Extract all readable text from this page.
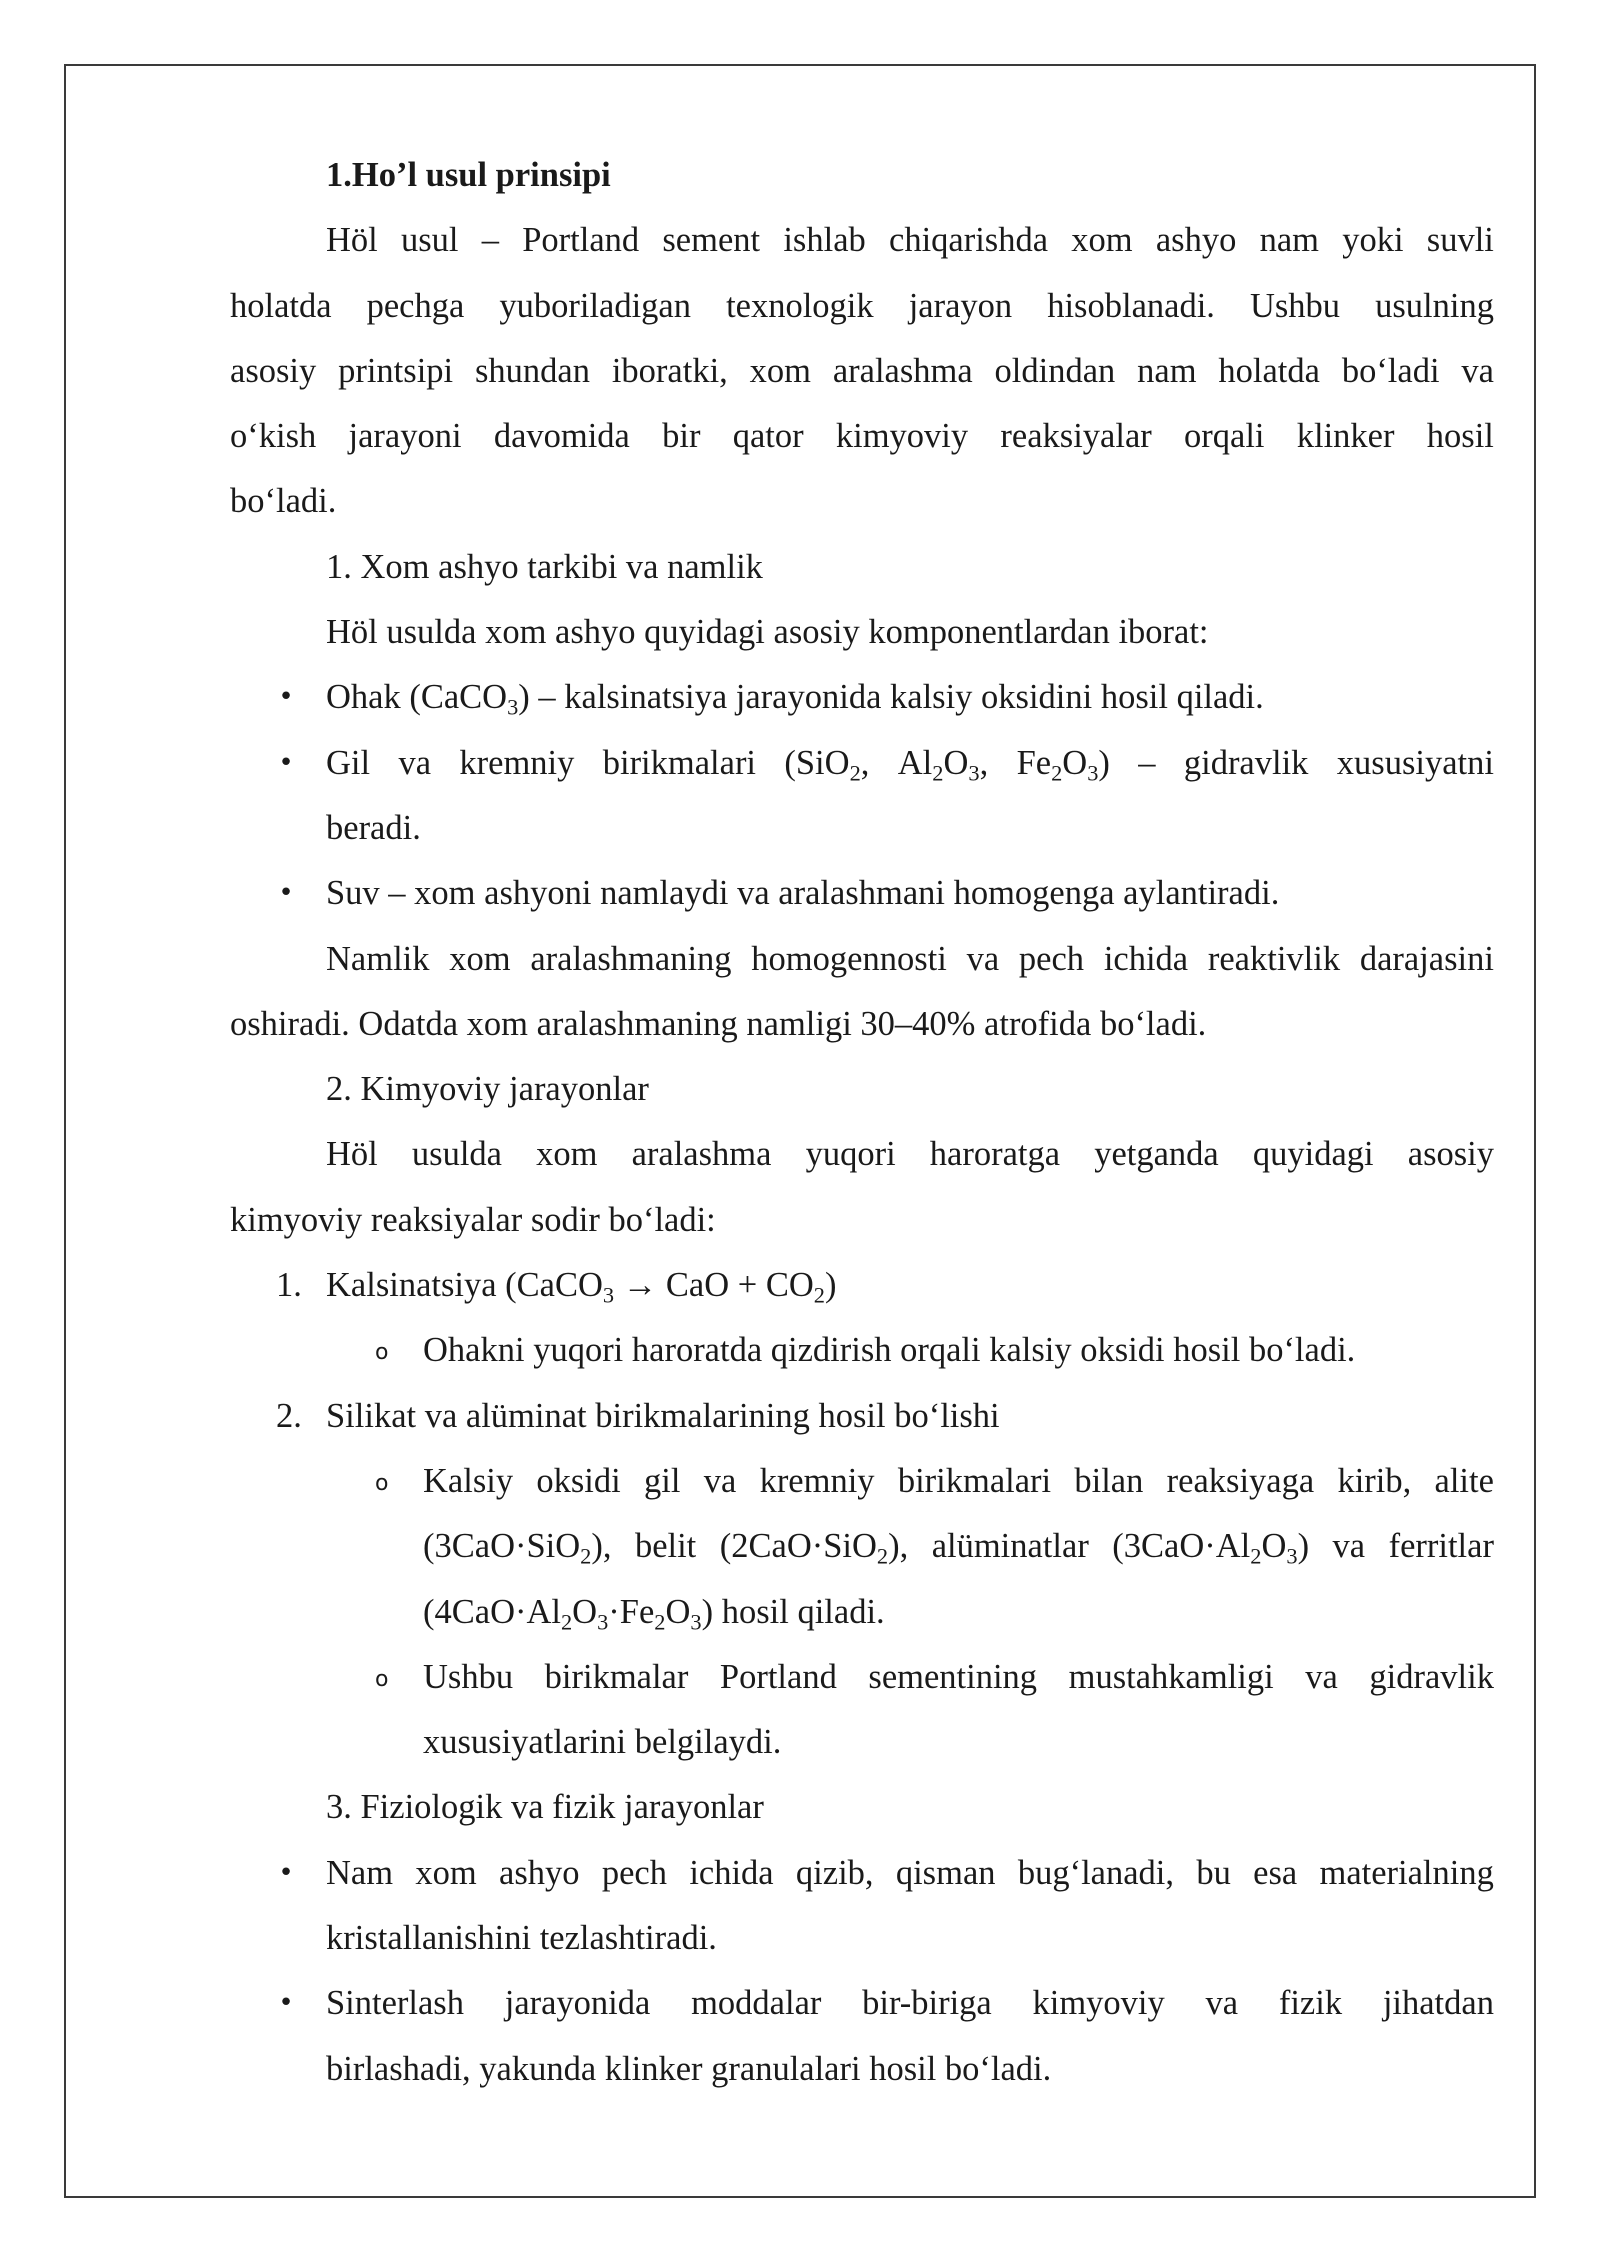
1.Ho’l usul prinsipi
Höl usul – Portland sement ishlab chiqarishda xom ashyo nam yoki suvli
holatda pechga yuboriladigan texnologik jarayon hisoblanadi. Ushbu usulning
asosiy printsipi shundan iboratki, xom aralashma oldindan nam holatda bo‘ladi va
o‘kish jarayoni davomida bir qator kimyoviy reaksiyalar orqali klinker hosil
bo‘ladi.
1. Xom ashyo tarkibi va namlik
Höl usulda xom ashyo quyidagi asosiy komponentlardan iborat:
• Ohak (CaCO$_3$) – kalsinatsiya jarayonida kalsiy oksidini hosil qiladi.
• Gil va kremniy birikmalari (SiO$_2$, $Al_2O_3$, $Fe_2O_3$) – gidravlik xususiyatni
beradi.
• Suv – xom ashyoni namlaydi va aralashmani homogenga aylantiradi.
Namlik xom aralashmaning homogennosti va pech ichida reaktivlik darajasini
oshiradi. Odatda xom aralashmaning namligi 30–40% atrofida bo‘ladi.
2. Kimyoviy jarayonlar
Höl usulda xom aralashma yuqori haroratga yetganda quyidagi asosiy
kimyoviy reaksiyalar sodir bo‘ladi:
1. Kalsinatsiya (CaCO$_3$ → CaO + $CO_2$)
o Ohakni yuqori haroratda qizdirish orqali kalsiy oksidi hosil bo‘ladi.
2. Silikat va alüminat birikmalarining hosil bo‘lishi
o Kalsiy oksidi gil va kremniy birikmalari bilan reaksiyaga kirib, alite
(3CaO·SiO$_2$), belit (2CaO·SiO$_2$), alüminatlar $(3CaO\cdot Al_2O_3)$ va ferritlar
$(4CaO\cdot Al_2O_3\cdot Fe_2O_3)$ hosil qiladi.
o Ushbu birikmalar Portland sementining mustahkamligi va gidravlik
xususiyatlarini belgilaydi.
3. Fiziologik va fizik jarayonlar
• Nam xom ashyo pech ichida qizib, qisman bug‘lanadi, bu esa materialning
kristallanishini tezlashtiradi.
• Sinterlash jarayonida moddalar bir-biriga kimyoviy va fizik jihatdan
birlashadi, yakunda klinker granulalari hosil bo‘ladi.
